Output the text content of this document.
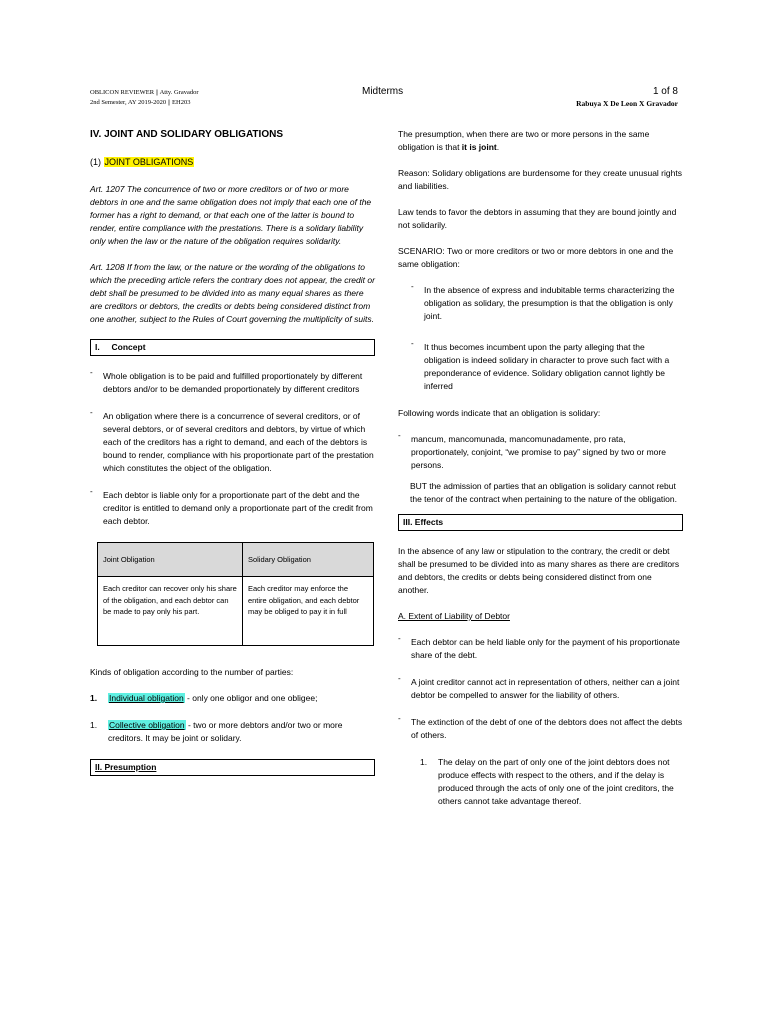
OBLICON REVIEWER || Atty. Gravador
2nd Semester, AY 2019-2020 || EH203
Midterms	1 of 8
Rabuya X De Leon X Gravador
IV. JOINT AND SOLIDARY OBLIGATIONS
(1) JOINT OBLIGATIONS
Art. 1207 The concurrence of two or more creditors or of two or more debtors in one and the same obligation does not imply that each one of the former has a right to demand, or that each one of the latter is bound to render, entire compliance with the prestations. There is a solidary liability only when the law or the nature of the obligation requires solidarity.
Art. 1208 If from the law, or the nature or the wording of the obligations to which the preceding article refers the contrary does not appear, the credit or debt shall be presumed to be divided into as many equal shares as there are creditors or debtors, the credits or debts being considered distinct from one another, subject to the Rules of Court governing the multiplicity of suits.
I.     Concept
- Whole obligation is to be paid and fulfilled proportionately by different debtors and/or to be demanded proportionately by different creditors
- An obligation where there is a concurrence of several creditors, or of several debtors, or of several creditors and debtors, by virtue of which each of the creditors has a right to demand, and each of the debtors is bound to render, compliance with his proportionate part of the prestation which constitutes the object of the obligation.
- Each debtor is liable only for a proportionate part of the debt and the creditor is entitled to demand only a proportionate part of the credit from each debtor.
Joint Obligation	Solidary Obligation
Each creditor can recover only his share of the obligation, and each debtor can be made to pay only his part.	Each creditor may enforce the entire obligation, and each debtor may be obliged to pay it in full

Kinds of obligation according to the number of parties:

1. Individual obligation - only one obligor and one obligee;
1. Collective obligation - two or more debtors and/or two or more creditors. It may be joint or solidary.
II. Presumption

The presumption, when there are two or more persons in the same obligation is that it is joint.

Reason: Solidary obligations are burdensome for they create unusual rights and liabilities.

Law tends to favor the debtors in assuming that they are bound jointly and not solidarily.

SCENARIO: Two or more creditors or two or more debtors in one and the same obligation:

- In the absence of express and indubitable terms characterizing the obligation as solidary, the presumption is that the obligation is only joint.
- It thus becomes incumbent upon the party alleging that the obligation is indeed solidary in character to prove such fact with a preponderance of evidence. Solidary obligation cannot lightly be inferred

Following words indicate that an obligation is solidary:

- mancum, mancomunada, mancomunadamente, pro rata, proportionately, conjoint, “we promise to pay” signed by two or more persons.

BUT the admission of parties that an obligation is solidary cannot rebut the tenor of the contract when pertaining to the nature of the obligation.

III. Effects

In the absence of any law or stipulation to the contrary, the credit or debt shall be presumed to be divided into as many shares as there are creditors and debtors, the credits or debts being considered distinct from one another.

A. Extent of Liability of Debtor

- Each debtor can be held liable only for the payment of his proportionate share of the debt.
- A joint creditor cannot act in representation of others, neither can a joint debtor be compelled to answer for the liability of others.
- The extinction of the debt of one of the debtors does not affect the debts of others.
1. The delay on the part of only one of the joint debtors does not produce effects with respect to the others, and if the delay is produced through the acts of only one of the joint creditors, the others cannot take advantage thereof.
